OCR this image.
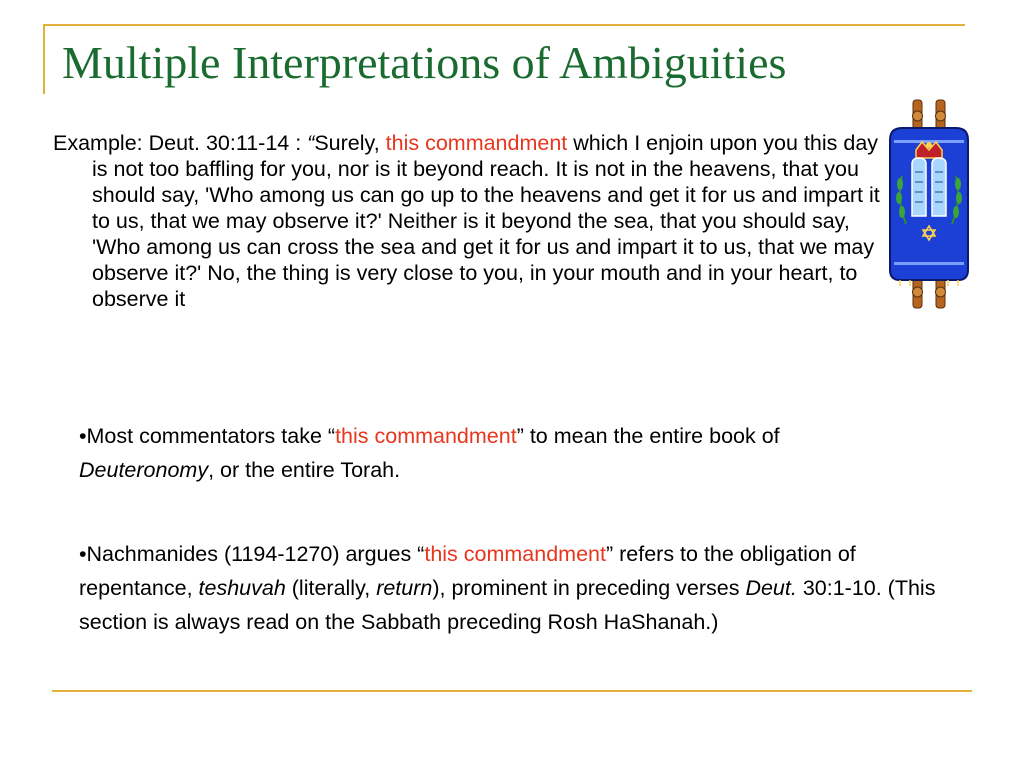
Multiple Interpretations of Ambiguities
Example: Deut. 30:11-14 : “Surely, this commandment which I enjoin upon you this day is not too baffling for you, nor is it beyond reach. It is not in the heavens, that you should say, 'Who among us can go up to the heavens and get it for us and impart it to us, that we may observe it?' Neither is it beyond the sea, that you should say, 'Who among us can cross the sea and get it for us and impart it to us, that we may observe it?' No, the thing is very close to you, in your mouth and in your heart, to observe it
•Most commentators take “this commandment” to mean the entire book of Deuteronomy, or the entire Torah.
•Nachmanides (1194-1270) argues “this commandment” refers to the obligation of repentance, teshuvah (literally, return), prominent in preceding verses Deut. 30:1-10. (This section is always read on the Sabbath preceding Rosh HaShanah.)
